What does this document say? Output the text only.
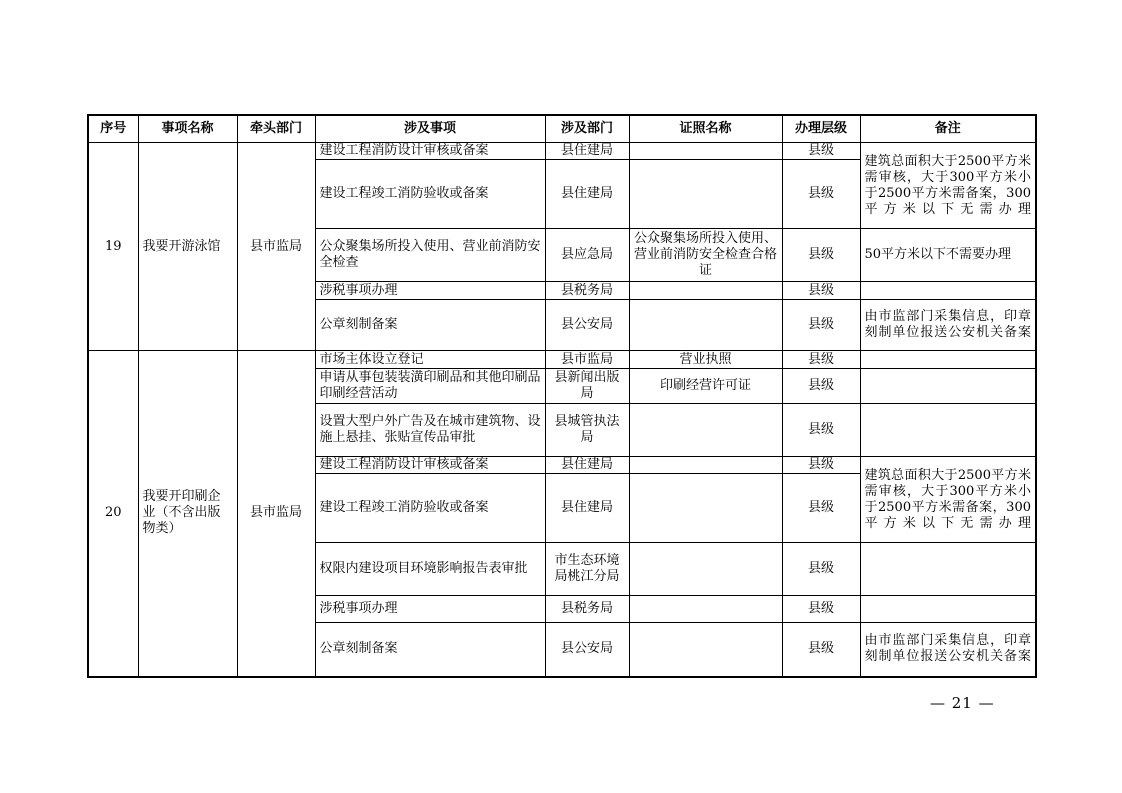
序号	事项名称	牵头部门	涉及事项	涉及部门	证照名称	办理层级	备注
19	我要开游泳馆	县市监局	建设工程消防设计审核或备案	县住建局		县级	建筑总面积大于2500平方米需审核，大于300平方米小于2500平方米需备案，300平方米以下无需办理
			建设工程竣工消防验收或备案	县住建局		县级	
			公众聚集场所投入使用、营业前消防安全检查	县应急局	公众聚集场所投入使用、营业前消防安全检查合格证	县级	50平方米以下不需要办理
			涉税事项办理	县税务局		县级	
			公章刻制备案	县公安局		县级	由市监部门采集信息，印章刻制单位报送公安机关备案
20	我要开印刷企业（不含出版物类）	县市监局	市场主体设立登记	县市监局	营业执照	县级	
			申请从事包装装潢印刷品和其他印刷品印刷经营活动	县新闻出版局	印刷经营许可证	县级	
			设置大型户外广告及在城市建筑物、设施上悬挂、张贴宣传品审批	县城管执法局		县级	
			建设工程消防设计审核或备案	县住建局		县级	建筑总面积大于2500平方米需审核，大于300平方米小于2500平方米需备案，300平方米以下无需办理
			建设工程竣工消防验收或备案	县住建局		县级	
			权限内建设项目环境影响报告表审批	市生态环境局桃江分局		县级	
			涉税事项办理	县税务局		县级	
			公章刻制备案	县公安局		县级	由市监部门采集信息，印章刻制单位报送公安机关备案
— 21 —
